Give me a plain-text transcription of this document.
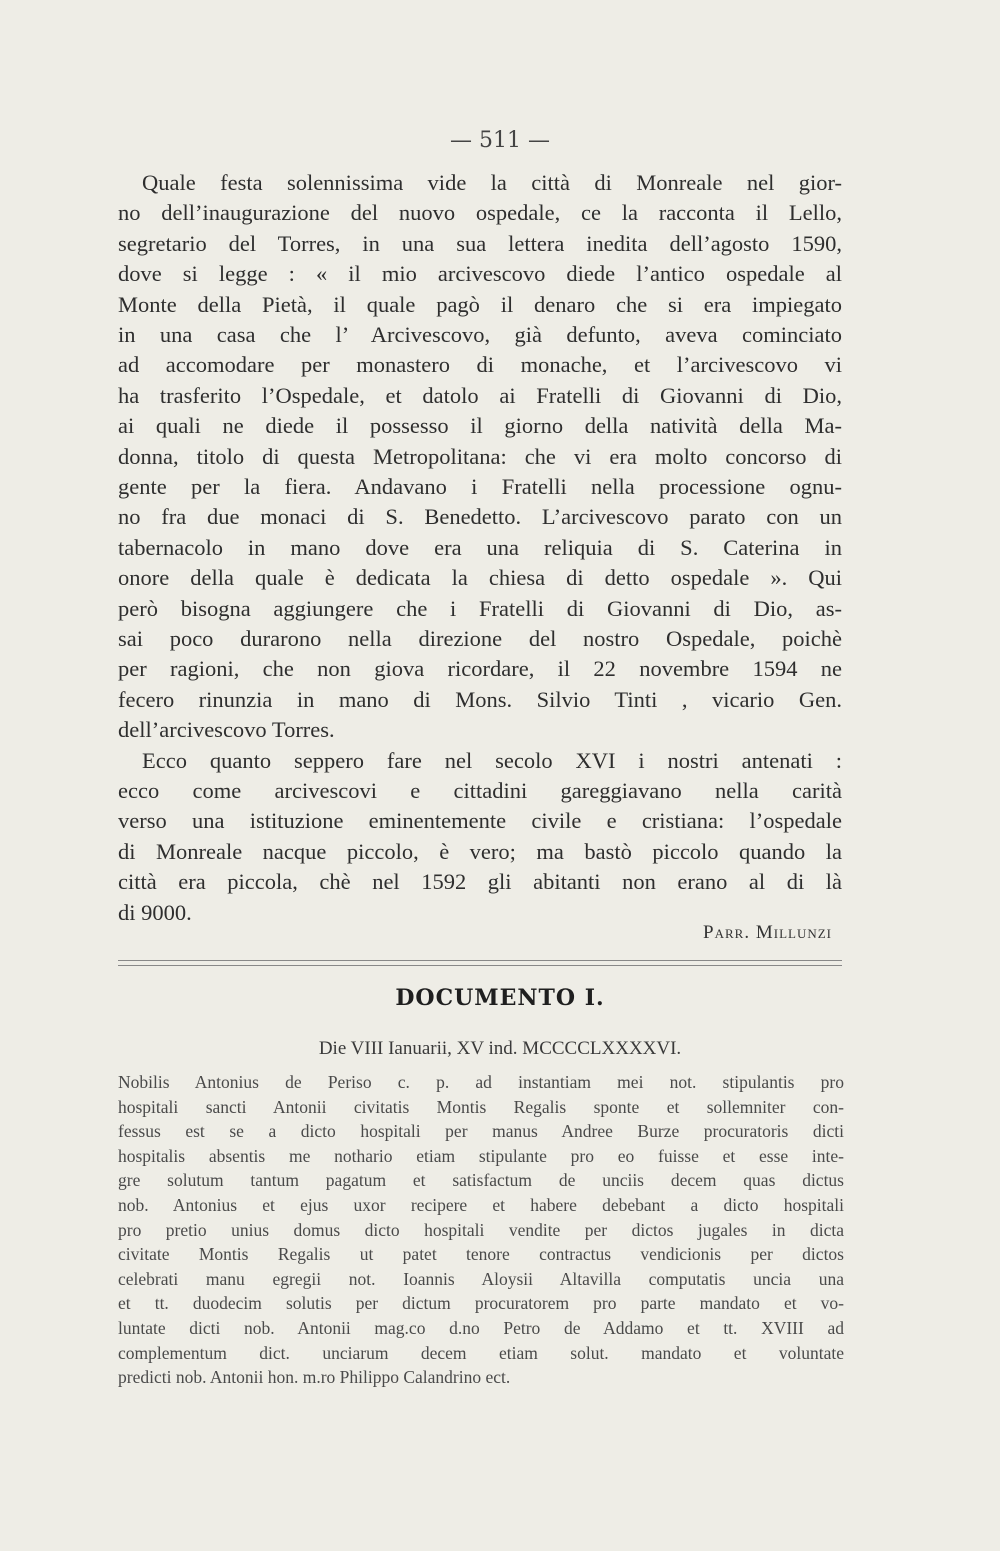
— 511 —
Quale festa solennissima vide la città di Monreale nel gior-
no dell’inaugurazione del nuovo ospedale, ce la racconta il Lello,
segretario del Torres, in una sua lettera inedita dell’agosto 1590,
dove si legge : « il mio arcivescovo diede l’antico ospedale al
Monte della Pietà, il quale pagò il denaro che si era impiegato
in una casa che l’ Arcivescovo, già defunto, aveva cominciato
ad accomodare per monastero di monache, et l’arcivescovo vi
ha trasferito l’Ospedale, et datolo ai Fratelli di Giovanni di Dio,
ai quali ne diede il possesso il giorno della natività della Ma-
donna, titolo di questa Metropolitana: che vi era molto concorso di
gente per la fiera. Andavano i Fratelli nella processione ognu-
no fra due monaci di S. Benedetto. L’arcivescovo parato con un
tabernacolo in mano dove era una reliquia di S. Caterina in
onore della quale è dedicata la chiesa di detto ospedale ». Qui
però bisogna aggiungere che i Fratelli di Giovanni di Dio, as-
sai poco durarono nella direzione del nostro Ospedale, poichè
per ragioni, che non giova ricordare, il 22 novembre 1594 ne
fecero rinunzia in mano di Mons. Silvio Tinti , vicario Gen.
dell’arcivescovo Torres.
Ecco quanto seppero fare nel secolo XVI i nostri antenati :
ecco come arcivescovi e cittadini gareggiavano nella carità
verso una istituzione eminentemente civile e cristiana: l’ospedale
di Monreale nacque piccolo, è vero; ma bastò piccolo quando la
città era piccola, chè nel 1592 gli abitanti non erano al di là
di 9000.
Parr. Millunzi
DOCUMENTO I.
Die VIII Ianuarii, XV ind. MCCCCLXXXXVI.
Nobilis Antonius de Periso c. p. ad instantiam mei not. stipulantis pro
hospitali sancti Antonii civitatis Montis Regalis sponte et sollemniter con-
fessus est se a dicto hospitali per manus Andree Burze procuratoris dicti
hospitalis absentis me nothario etiam stipulante pro eo fuisse et esse inte-
gre solutum tantum pagatum et satisfactum de unciis decem quas dictus
nob. Antonius et ejus uxor recipere et habere debebant a dicto hospitali
pro pretio unius domus dicto hospitali vendite per dictos jugales in dicta
civitate Montis Regalis ut patet tenore contractus vendicionis per dictos
celebrati manu egregii not. Ioannis Aloysii Altavilla computatis uncia una
et tt. duodecim solutis per dictum procuratorem pro parte mandato et vo-
luntate dicti nob. Antonii mag.co d.no Petro de Addamo et tt. XVIII ad
complementum dict. unciarum decem etiam solut. mandato et voluntate
predicti nob. Antonii hon. m.ro Philippo Calandrino ect.
